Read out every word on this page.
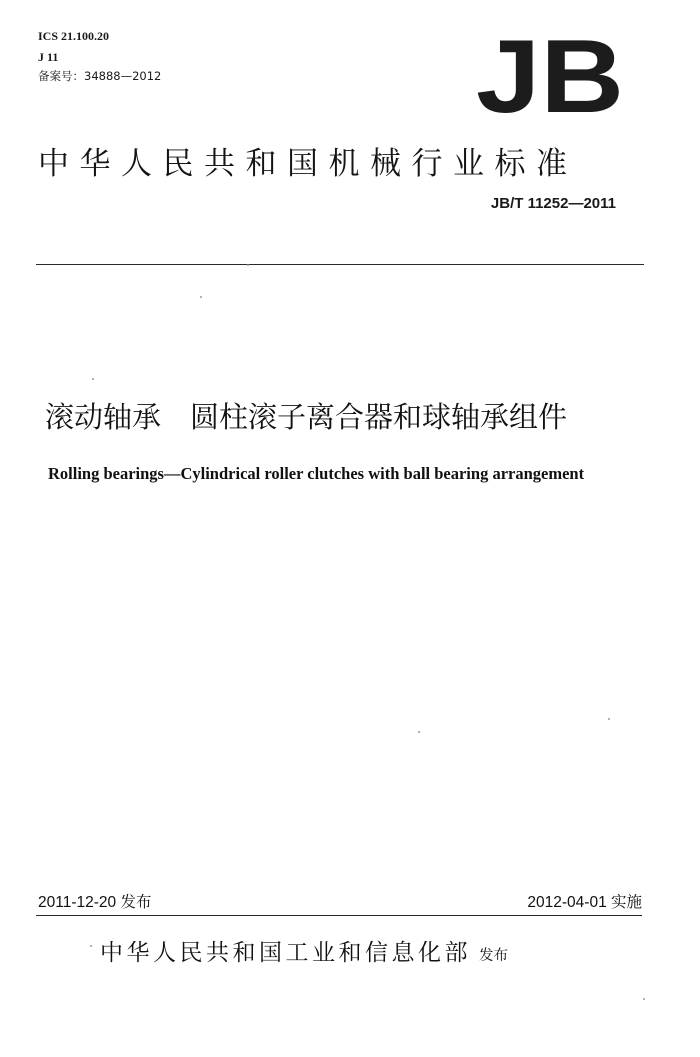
ICS 21.100.20
J 11
备案号：34888—2012	JB
中华人民共和国机械行业标准
JB/T 11252—2011
滚动轴承　圆柱滚子离合器和球轴承组件
Rolling bearings—Cylindrical roller clutches with ball bearing arrangement
2011-12-20 发布	2012-04-01 实施
中华人民共和国工业和信息化部 发布
